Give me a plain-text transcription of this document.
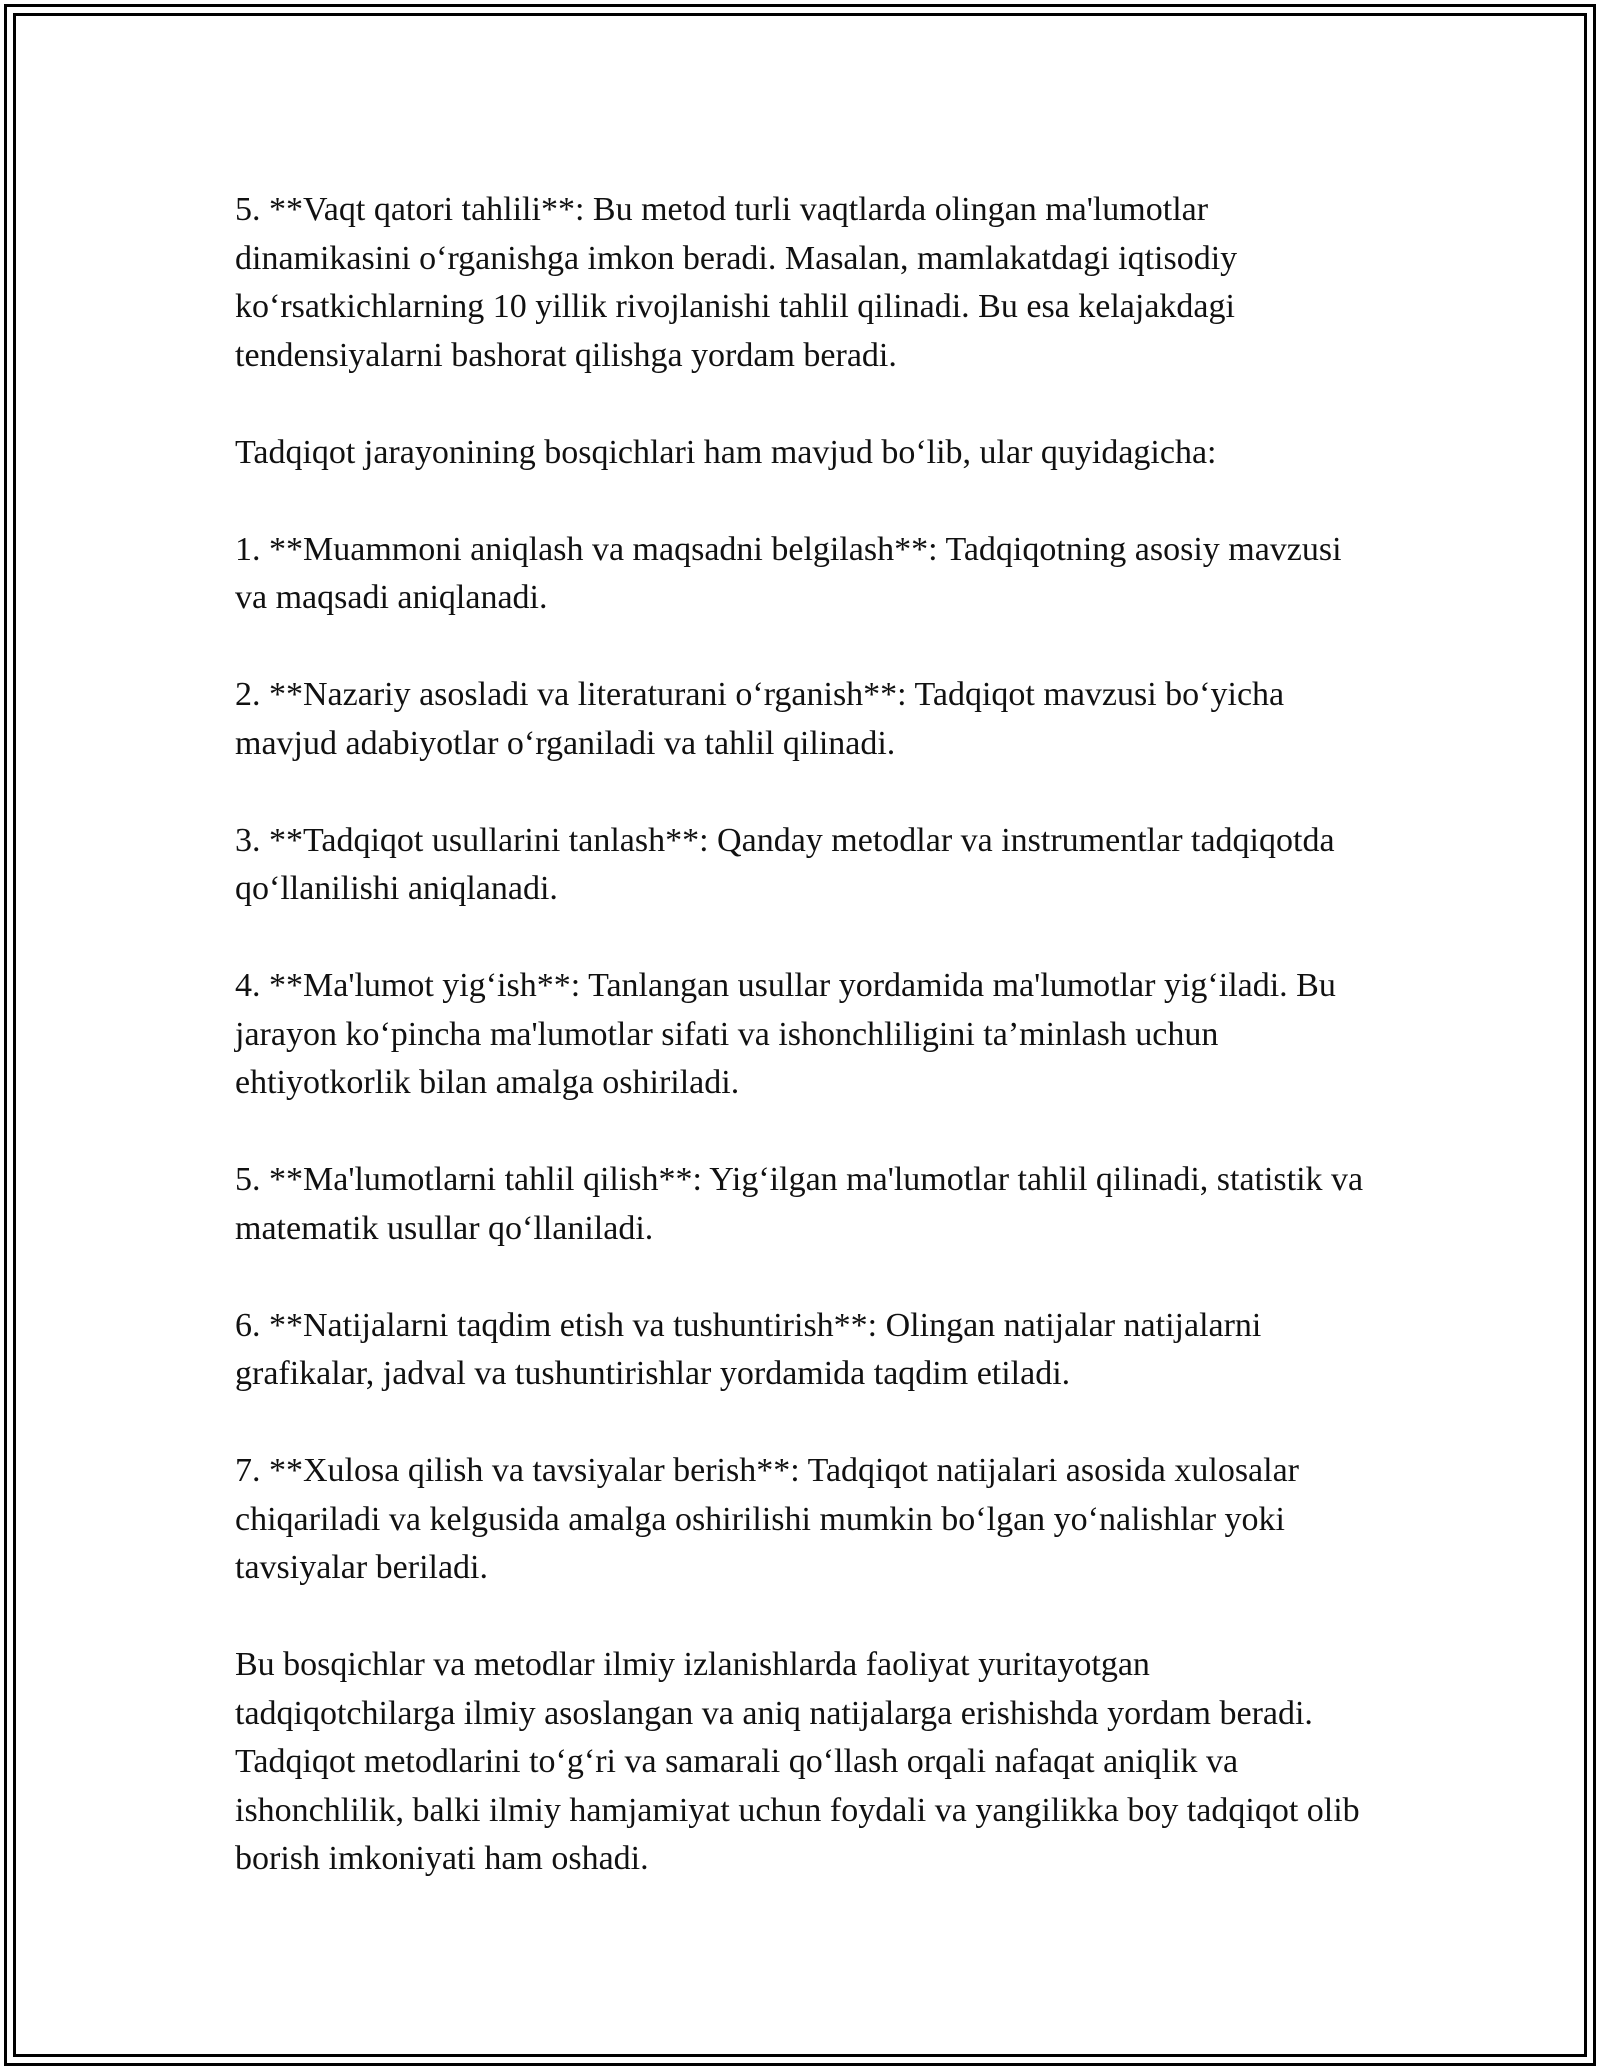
5. **Vaqt qatori tahlili**: Bu metod turli vaqtlarda olingan ma'lumotlar dinamikasini o‘rganishga imkon beradi. Masalan, mamlakatdagi iqtisodiy ko‘rsatkichlarning 10 yillik rivojlanishi tahlil qilinadi. Bu esa kelajakdagi tendensiyalarni bashorat qilishga yordam beradi.

Tadqiqot jarayonining bosqichlari ham mavjud bo‘lib, ular quyidagicha:

1. **Muammoni aniqlash va maqsadni belgilash**: Tadqiqotning asosiy mavzusi va maqsadi aniqlanadi.

2. **Nazariy asosladi va literaturani o‘rganish**: Tadqiqot mavzusi bo‘yicha mavjud adabiyotlar o‘rganiladi va tahlil qilinadi.

3. **Tadqiqot usullarini tanlash**: Qanday metodlar va instrumentlar tadqiqotda qo‘llanilishi aniqlanadi.

4. **Ma'lumot yig‘ish**: Tanlangan usullar yordamida ma'lumotlar yig‘iladi. Bu jarayon ko‘pincha ma'lumotlar sifati va ishonchliligini ta’minlash uchun ehtiyotkorlik bilan amalga oshiriladi.

5. **Ma'lumotlarni tahlil qilish**: Yig‘ilgan ma'lumotlar tahlil qilinadi, statistik va matematik usullar qo‘llaniladi.

6. **Natijalarni taqdim etish va tushuntirish**: Olingan natijalar natijalarni grafikalar, jadval va tushuntirishlar yordamida taqdim etiladi.

7. **Xulosa qilish va tavsiyalar berish**: Tadqiqot natijalari asosida xulosalar chiqariladi va kelgusida amalga oshirilishi mumkin bo‘lgan yo‘nalishlar yoki tavsiyalar beriladi.

Bu bosqichlar va metodlar ilmiy izlanishlarda faoliyat yuritayotgan tadqiqotchilarga ilmiy asoslangan va aniq natijalarga erishishda yordam beradi. Tadqiqot metodlarini to‘g‘ri va samarali qo‘llash orqali nafaqat aniqlik va ishonchlilik, balki ilmiy hamjamiyat uchun foydali va yangilikka boy tadqiqot olib borish imkoniyati ham oshadi.
